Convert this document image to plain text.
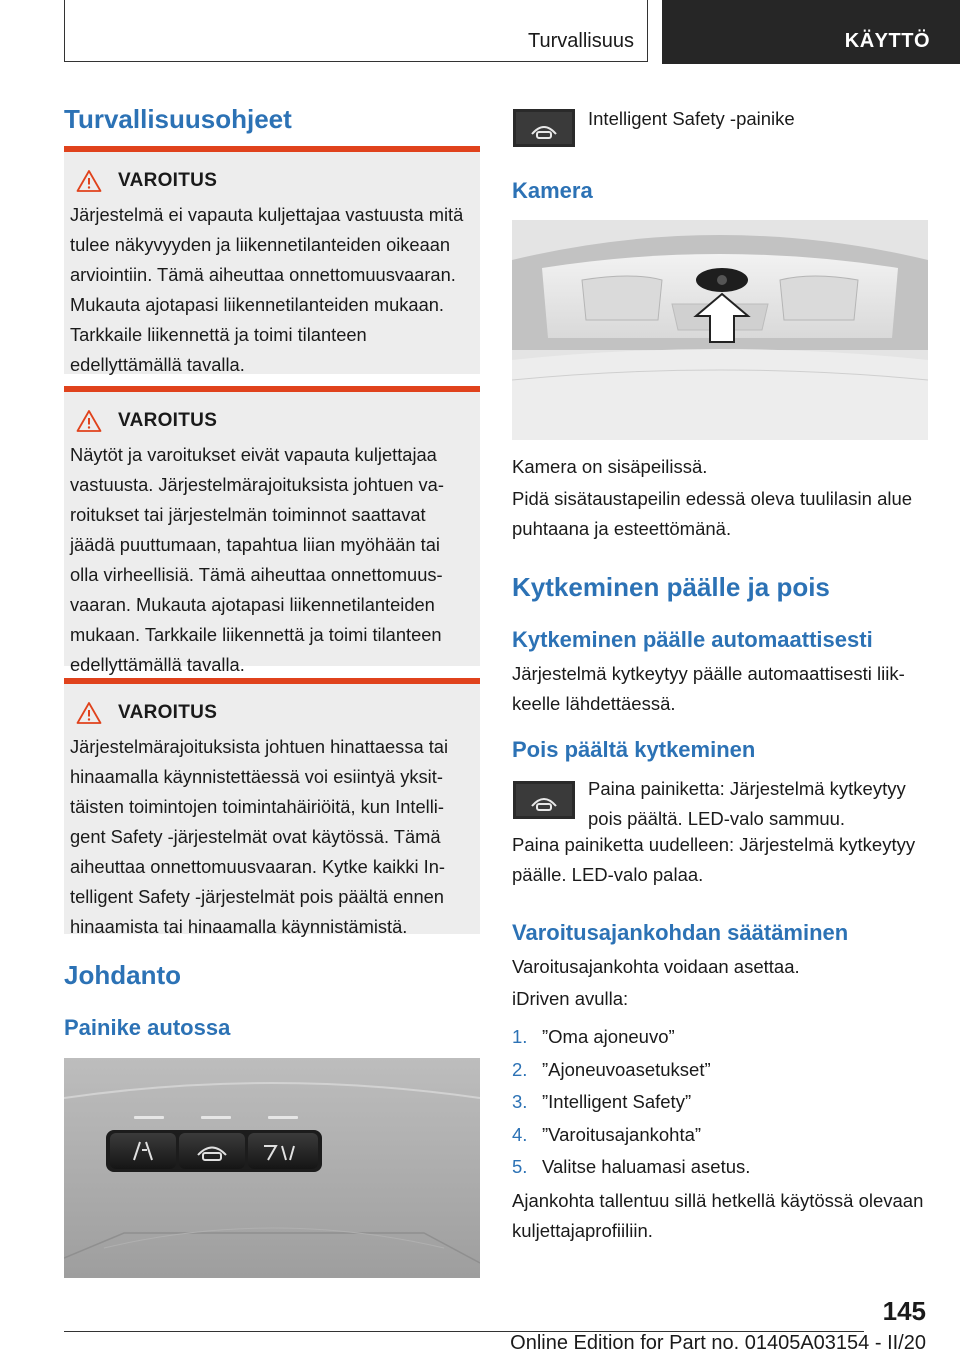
Turvallisuus	KÄYTTÖ
Turvallisuusohjeet
VAROITUS
Järjestelmä ei vapauta kuljettajaa vastuusta mitä tulee näkyvyyden ja liikennetilanteiden oikeaan arviointiin. Tämä aiheuttaa onnettomuusvaaran. Mukauta ajotapasi liikennetilanteiden mukaan. Tarkkaile liikennettä ja toimi tilanteen edellyttämällä tavalla.
VAROITUS
Näytöt ja varoitukset eivät vapauta kuljettajaa vastuusta. Järjestelmärajoituksista johtuen varoitukset tai järjestelmän toiminnot saattavat jäädä puuttumaan, tapahtua liian myöhään tai olla virheellisiä. Tämä aiheuttaa onnettomuusvaaran. Mukauta ajotapasi liikennetilanteiden mukaan. Tarkkaile liikennettä ja toimi tilanteen edellyttämällä tavalla.
VAROITUS
Järjestelmärajoituksista johtuen hinattaessa tai hinaamalla käynnistettäessä voi esiintyä yksittäisten toimintojen toimintahäiriöitä, kun Intelligent Safety -järjestelmät ovat käytössä. Tämä aiheuttaa onnettomuusvaaran. Kytke kaikki Intelligent Safety -järjestelmät pois päältä ennen hinaamista tai hinaamalla käynnistämistä.
Johdanto
Painike autossa
Intelligent Safety -painike
Kamera
Kamera on sisäpeilissä.
Pidä sisätaustapeilin edessä oleva tuulilasin alue puhtaana ja esteettömänä.
Kytkeminen päälle ja pois
Kytkeminen päälle automaattisesti
Järjestelmä kytkeytyy päälle automaattisesti liikkeelle lähdettäessä.
Pois päältä kytkeminen
Paina painiketta: Järjestelmä kytkeytyy pois päältä. LED-valo sammuu.
Paina painiketta uudelleen: Järjestelmä kytkeytyy päälle. LED-valo palaa.
Varoitusajankohdan säätäminen
Varoitusajankohta voidaan asettaa.
iDriven avulla:
1. ”Oma ajoneuvo”
2. ”Ajoneuvoasetukset”
3. ”Intelligent Safety”
4. ”Varoitusajankohta”
5. Valitse haluamasi asetus.
Ajankohta tallentuu sillä hetkellä käytössä olevaan kuljettajaprofiiliin.
145
Online Edition for Part no. 01405A03154 - II/20
